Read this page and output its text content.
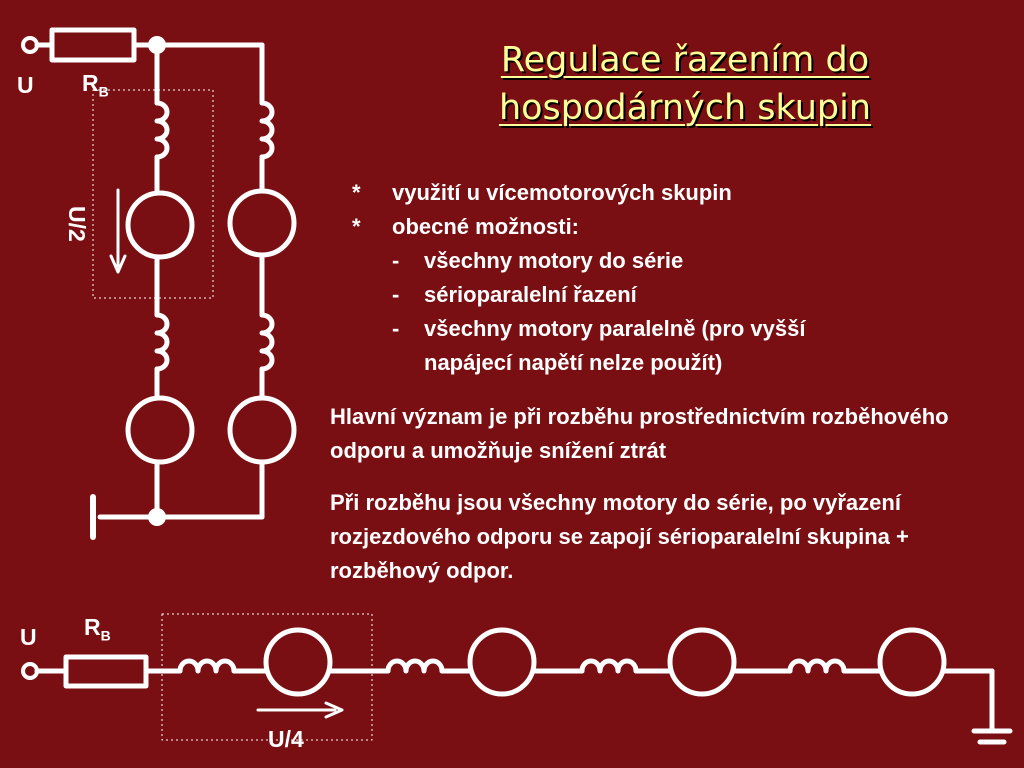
U $R_B$
U/2
U $R_B$
U/4
Regulace řazením do
hospodárných skupin
*	využití u vícemotorových skupin
*	obecné možnosti:
-	všechny motory do série
-	sérioparalelní řazení
-	všechny motory paralelně (pro vyšší
napájecí napětí nelze použít)
Hlavní význam je při rozběhu prostřednictvím rozběhového odporu a umožňuje snížení ztrát
Při rozběhu jsou všechny motory do série, po vyřazení rozjezdového odporu se zapojí sérioparalelní skupina + rozběhový odpor.
